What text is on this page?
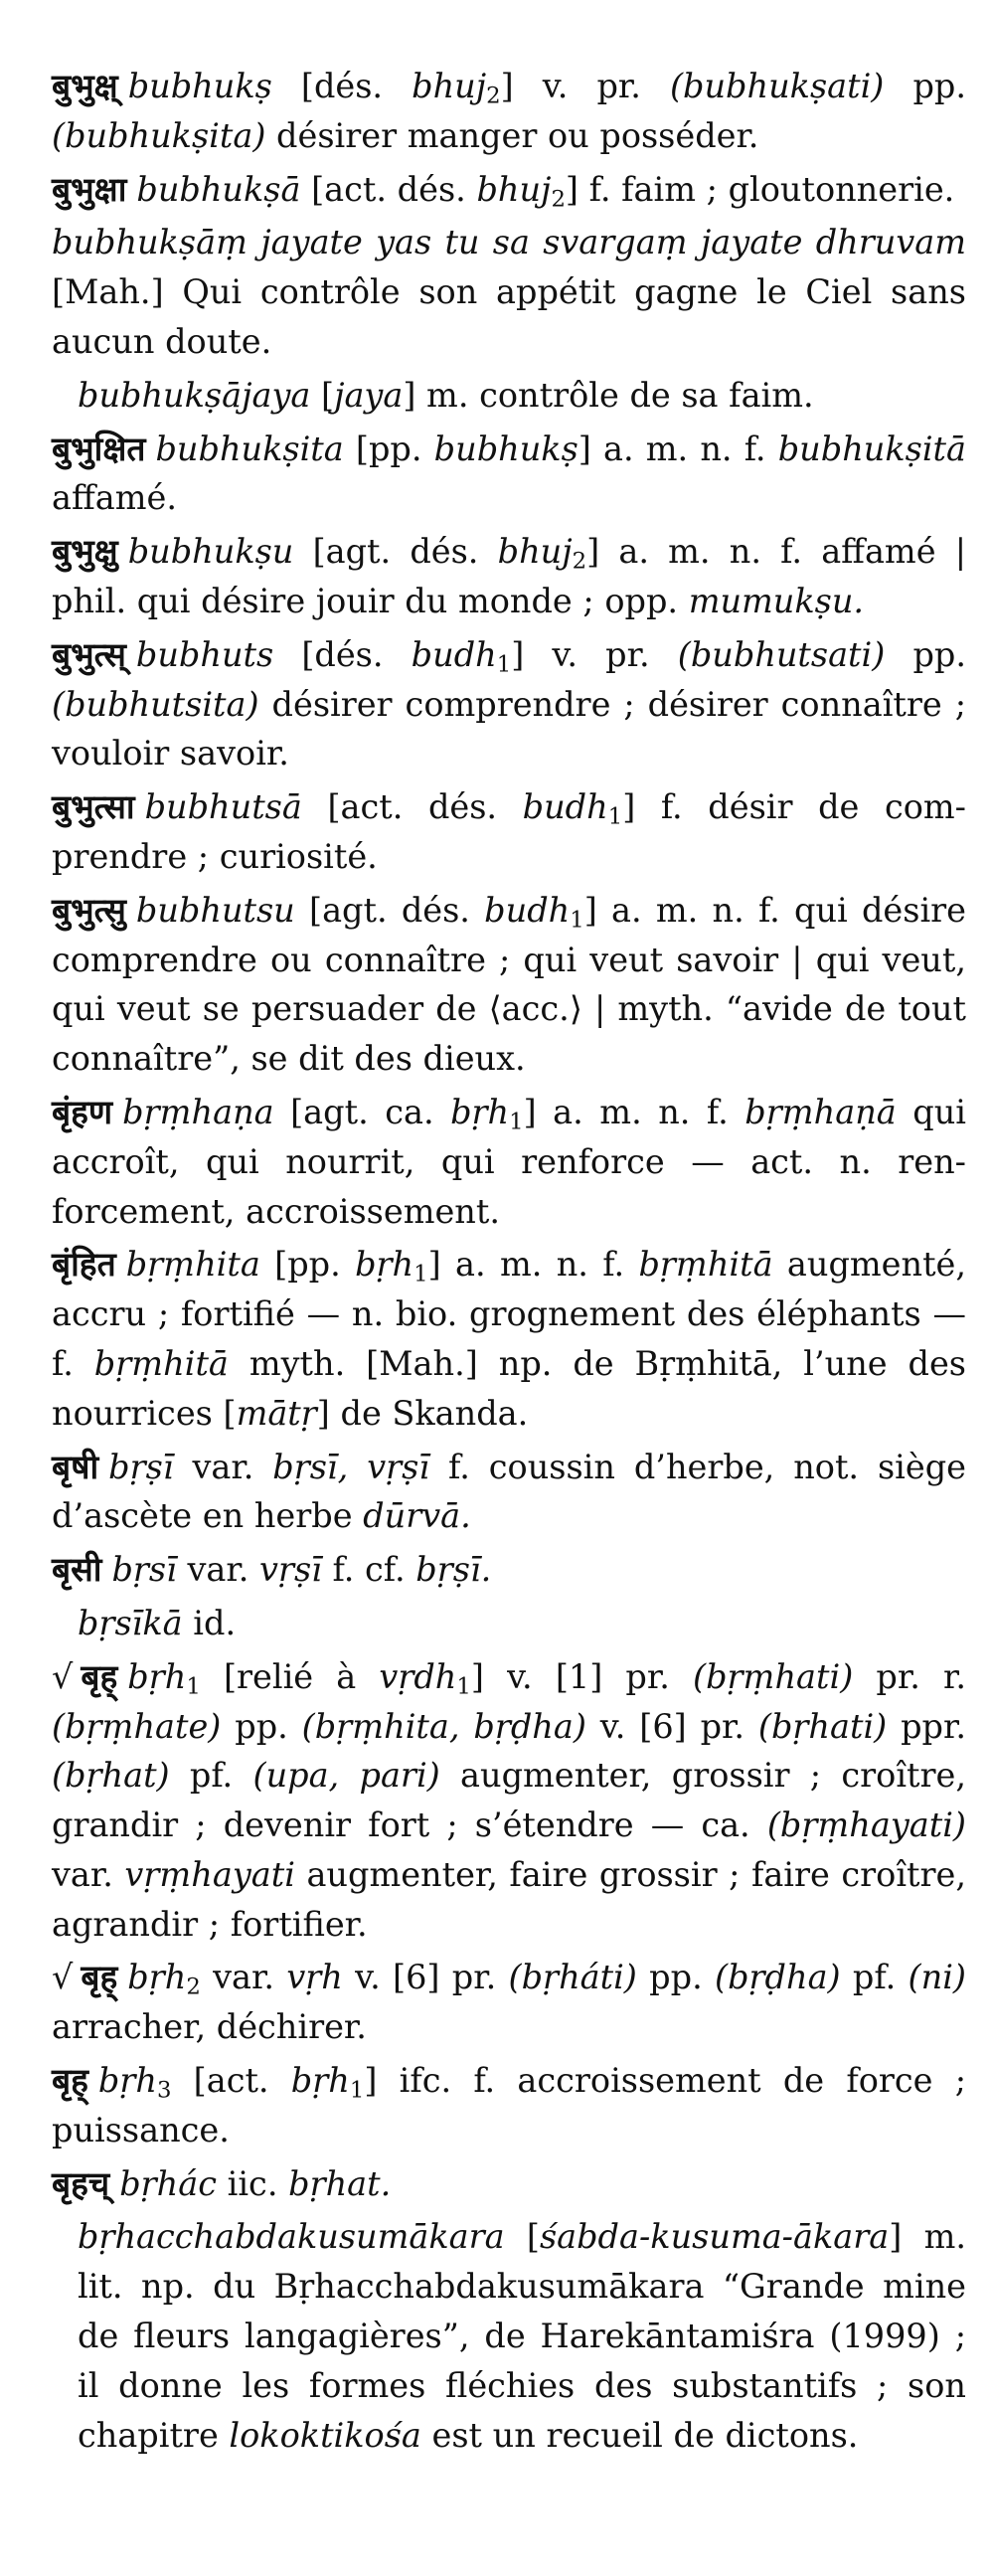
बुभुक्ष् bubhukṣ [dés. bhuj$_2$] v. pr. (bubhukṣati) pp. (bubhukṣita) désirer manger ou posséder.

बुभुक्षा bubhukṣā [act. dés. bhuj$_2$] f. faim ; gloutonnerie.

bubhukṣāṃ jayate yas tu sa svargaṃ jayate dhruvam [Mah.] Qui contrôle son appétit gagne le Ciel sans aucun doute.

bubhukṣājaya [jaya] m. contrôle de sa faim.

बुभुक्षित bubhukṣita [pp. bubhukṣ] a. m. n. f. bubhukṣitā affamé.

बुभुक्षु bubhukṣu [agt. dés. bhuj$_2$] a. m. n. f. affamé | phil. qui désire jouir du monde ; opp. mumukṣu.

बुभुत्स् bubhuts [dés. budh$_1$] v. pr. (bubhutsati) pp. (bubhutsita) désirer comprendre ; désirer connaître ; vouloir savoir.

बुभुत्सा bubhutsā [act. dés. budh$_1$] f. désir de comprendre ; curiosité.

बुभुत्सु bubhutsu [agt. dés. budh$_1$] a. m. n. f. qui désire comprendre ou connaître ; qui veut savoir | qui veut, qui veut se persuader de ⟨acc.⟩ | myth. “avide de tout connaître”, se dit des dieux.

बृंहण bṛṃhaṇa [agt. ca. bṛh$_1$] a. m. n. f. bṛṃhaṇā qui accroît, qui nourrit, qui renforce — act. n. renforcement, accroissement.

बृंहित bṛṃhita [pp. bṛh$_1$] a. m. n. f. bṛṃhitā augmenté, accru ; fortifié — n. bio. grognement des éléphants — f. bṛṃhitā myth. [Mah.] np. de Bṛṃhitā, l’une des nourrices [mātṛ] de Skanda.

बृषी bṛṣī var. bṛsī, vṛṣī f. coussin d’herbe, not. siège d’ascète en herbe dūrvā.

बृसी bṛsī var. vṛṣī f. cf. bṛṣī.

bṛsīkā id.

√ बृह् bṛh$_1$ [relié à vṛdh$_1$] v. [1] pr. (bṛṃhati) pr. r. (bṛṃhate) pp. (bṛṃhita, bṛḍha) v. [6] pr. (bṛhati) ppr. (bṛhat) pf. (upa, pari) augmenter, grossir ; croître, grandir ; devenir fort ; s’étendre — ca. (bṛṃhayati) var. vṛṃhayati augmenter, faire grossir ; faire croître, agrandir ; fortifier.

√ बृह् bṛh$_2$ var. vṛh v. [6] pr. (bṛháti) pp. (bṛḍha) pf. (ni) arracher, déchirer.

बृह् bṛh$_3$ [act. bṛh$_1$] ifc. f. accroissement de force ; puissance.

बृहच् bṛhác iic. bṛhat.

bṛhacchabdakusumākara [śabda-kusuma-ākara] m. lit. np. du Bṛhacchabdakusumākara “Grande mine de fleurs langagières”, de Harekāntamiśra (1999) ; il donne les formes fléchies des substantifs ; son chapitre lokoktikośa est un recueil de dictons.
